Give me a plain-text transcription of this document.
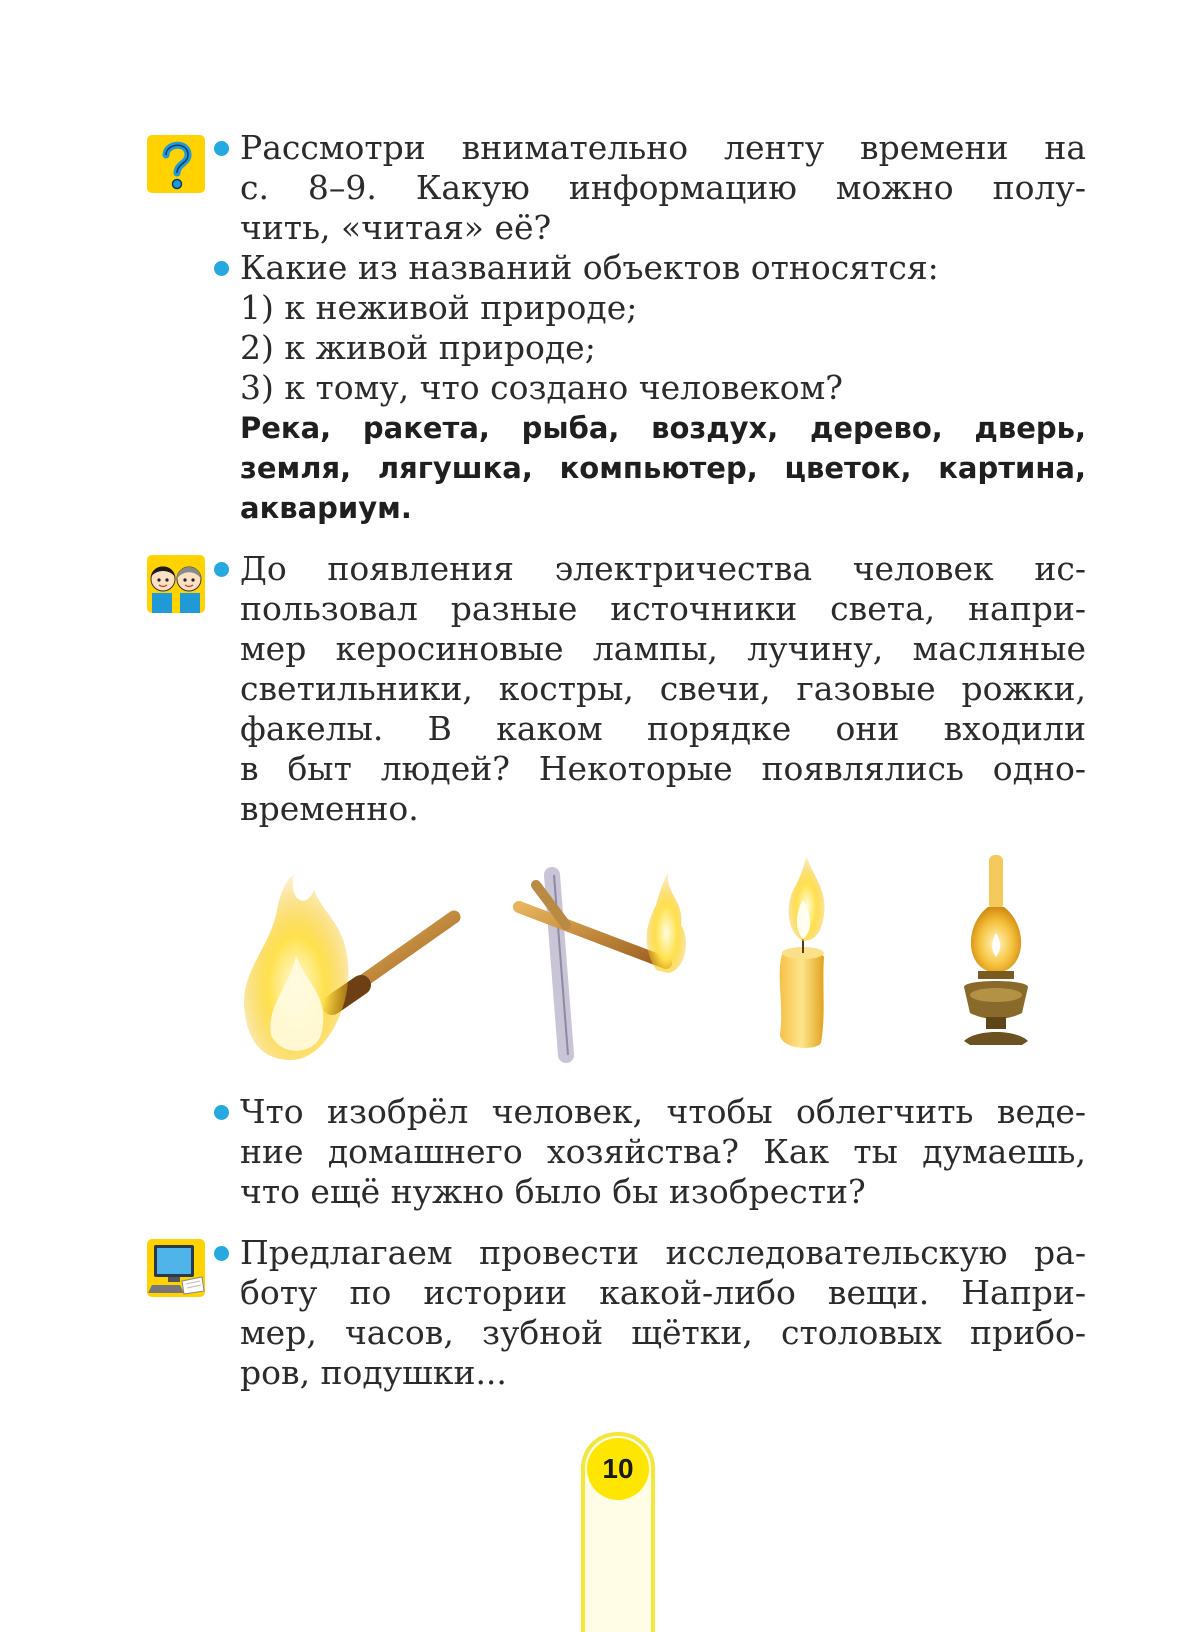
Рассмотри внимательно ленту времени на
с. 8–9. Какую информацию можно полу-
чить, «читая» её?

Какие из названий объектов относятся:
1) к неживой природе;
2) к живой природе;
3) к тому, что создано человеком?
Река, ракета, рыба, воздух, дерево, дверь,
земля, лягушка, компьютер, цветок, картина,
аквариум.

До появления электричества человек ис-
пользовал разные источники света, напри-
мер керосиновые лампы, лучину, масляные
светильники, костры, свечи, газовые рожки,
факелы. В каком порядке они входили
в быт людей? Некоторые появлялись одно-
временно.

Что изобрёл человек, чтобы облегчить веде-
ние домашнего хозяйства? Как ты думаешь,
что ещё нужно было бы изобрести?

Предлагаем провести исследовательскую ра-
боту по истории какой-либо вещи. Напри-
мер, часов, зубной щётки, столовых прибо-
ров, подушки...

10
